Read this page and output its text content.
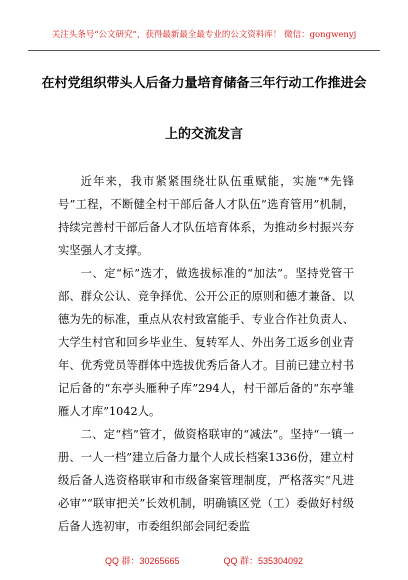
关注头条号“公文研究”，获得最新最全最专业的公文资料库！ 微信：gongwenyj
在村党组织带头人后备力量培育储备三年行动工作推进会
上的交流发言

近年来，我市紧紧围绕壮队伍重赋能，实施“*先锋号”工程，不断健全村干部后备人才队伍“选育管用”机制，持续完善村干部后备人才队伍培育体系，为推动乡村振兴夯实坚强人才支撑。

一、定“标”选才，做选拔标准的“加法”。坚持党管干部、群众公认、竞争择优、公开公正的原则和德才兼备、以德为先的标准，重点从农村致富能手、专业合作社负责人、大学生村官和回乡毕业生、复转军人、外出务工返乡创业青年、优秀党员等群体中选拔优秀后备人才。目前已建立村书记后备的“东亭头雁种子库”294人，村干部后备的“东亭雏雁人才库”1042人。

二、定“档”管才，做资格联审的“减法”。坚持“一镇一册、一人一档”建立后备力量个人成长档案1336份，建立村级后备人选资格联审和市级备案管理制度，严格落实“凡进必审”“联审把关”长效机制，明确镇区党（工）委做好村级后备人选初审，市委组织部会同纪委监

QQ 群：30265665	QQ 群：535304092
